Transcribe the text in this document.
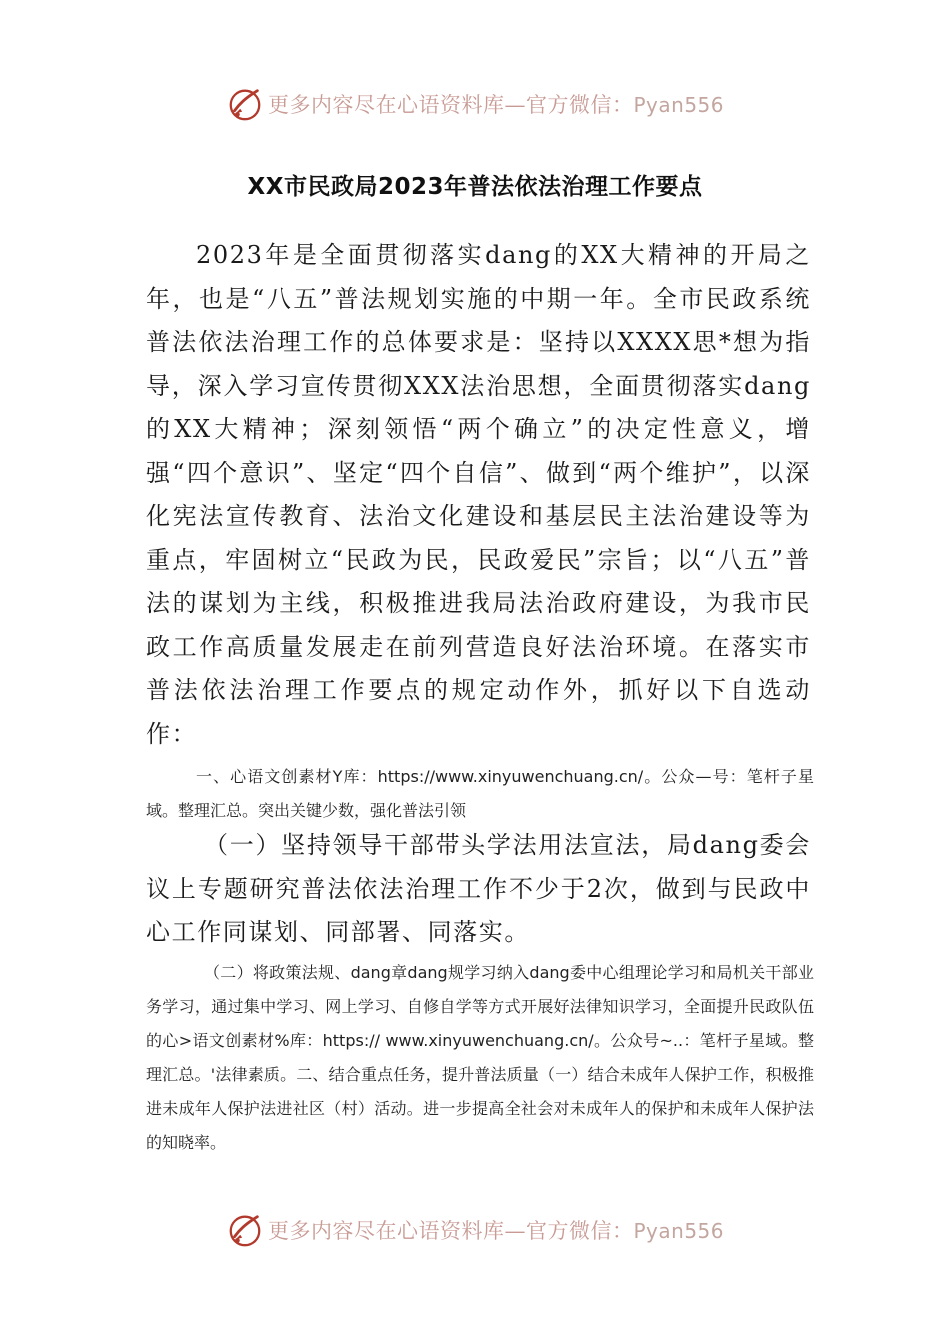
更多内容尽在心语资料库—官方微信：Pyan556
XX市民政局2023年普法依法治理工作要点
2023年是全面贯彻落实dang的XX大精神的开局之年，也是“八五”普法规划实施的中期一年。全市民政系统普法依法治理工作的总体要求是：坚持以XXXX思*想为指导，深入学习宣传贯彻XXX法治思想，全面贯彻落实dang的XX大精神；深刻领悟“两个确立”的决定性意义，增强“四个意识”、坚定“四个自信”、做到“两个维护”，以深化宪法宣传教育、法治文化建设和基层民主法治建设等为重点，牢固树立“民政为民，民政爱民”宗旨；以“八五”普法的谋划为主线，积极推进我局法治政府建设，为我市民政工作高质量发展走在前列营造良好法治环境。在落实市普法依法治理工作要点的规定动作外，抓好以下自选动作：
一、心语文创素材Y库：https://www.xinyuwenchuang.cn/。公众—号：笔杆子星域。整理汇总。突出关键少数，强化普法引领
（一）坚持领导干部带头学法用法宣法，局dang委会议上专题研究普法依法治理工作不少于2次，做到与民政中心工作同谋划、同部署、同落实。
（二）将政策法规、dang章dang规学习纳入dang委中心组理论学习和局机关干部业务学习，通过集中学习、网上学习、自修自学等方式开展好法律知识学习，全面提升民政队伍的心>语文创素材%库：https:// www.xinyuwenchuang.cn/。公众号~..：笔杆子星域。整理汇总。'法律素质。二、结合重点任务，提升普法质量（一）结合未成年人保护工作，积极推进未成年人保护法进社区（村）活动。进一步提高全社会对未成年人的保护和未成年人保护法的知晓率。
更多内容尽在心语资料库—官方微信：Pyan556
